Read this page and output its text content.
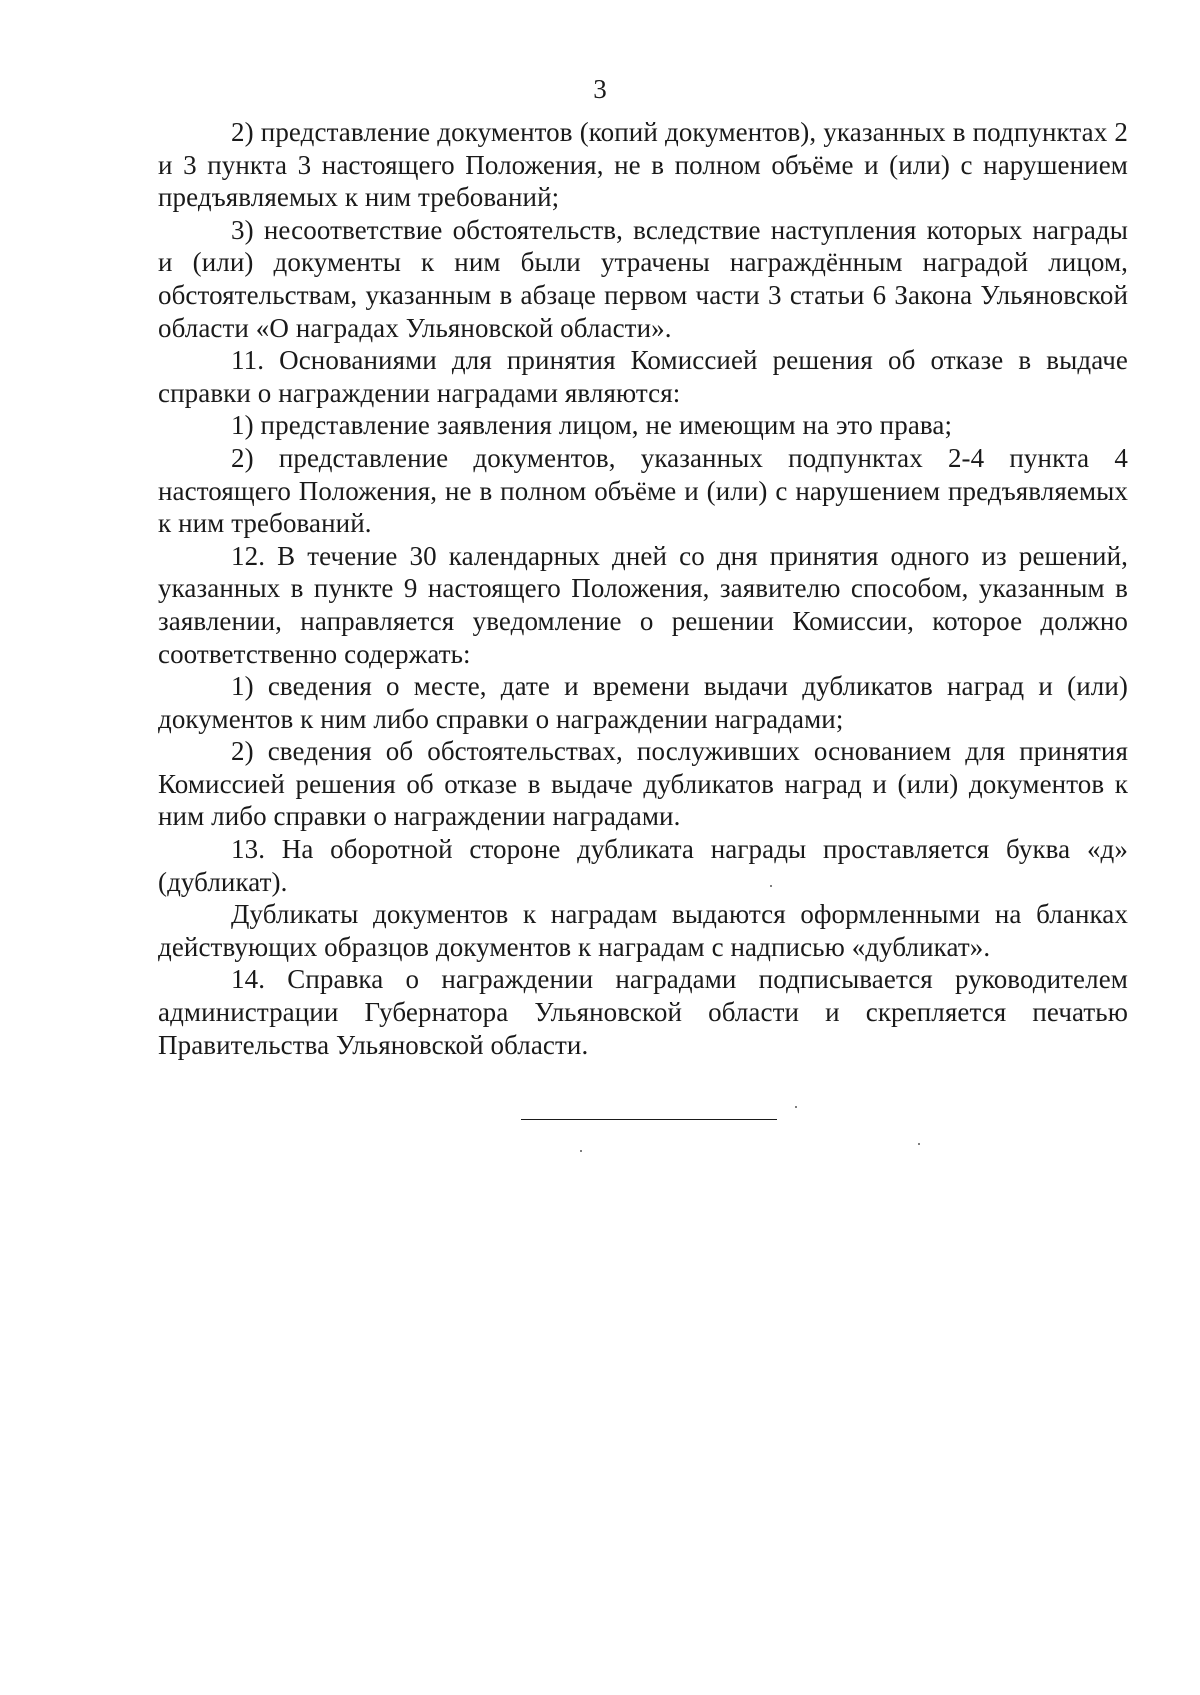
3

2) представление документов (копий документов), указанных в подпунктах 2 и 3 пункта 3 настоящего Положения, не в полном объёме и (или) с нарушением предъявляемых к ним требований;

3) несоответствие обстоятельств, вследствие наступления которых награды и (или) документы к ним были утрачены награждённым наградой лицом, обстоятельствам, указанным в абзаце первом части 3 статьи 6 Закона Ульяновской области «О наградах Ульяновской области».

11. Основаниями для принятия Комиссией решения об отказе в выдаче справки о награждении наградами являются:

1) представление заявления лицом, не имеющим на это права;

2) представление документов, указанных подпунктах 2-4 пункта 4 настоящего Положения, не в полном объёме и (или) с нарушением предъявляемых к ним требований.

12. В течение 30 календарных дней со дня принятия одного из решений, указанных в пункте 9 настоящего Положения, заявителю способом, указанным в заявлении, направляется уведомление о решении Комиссии, которое должно соответственно содержать:

1) сведения о месте, дате и времени выдачи дубликатов наград и (или) документов к ним либо справки о награждении наградами;

2) сведения об обстоятельствах, послуживших основанием для принятия Комиссией решения об отказе в выдаче дубликатов наград и (или) документов к ним либо справки о награждении наградами.

13. На оборотной стороне дубликата награды проставляется буква «д» (дубликат).

Дубликаты документов к наградам выдаются оформленными на бланках действующих образцов документов к наградам с надписью «дубликат».

14. Справка о награждении наградами подписывается руководителем администрации Губернатора Ульяновской области и скрепляется печатью Правительства Ульяновской области.
